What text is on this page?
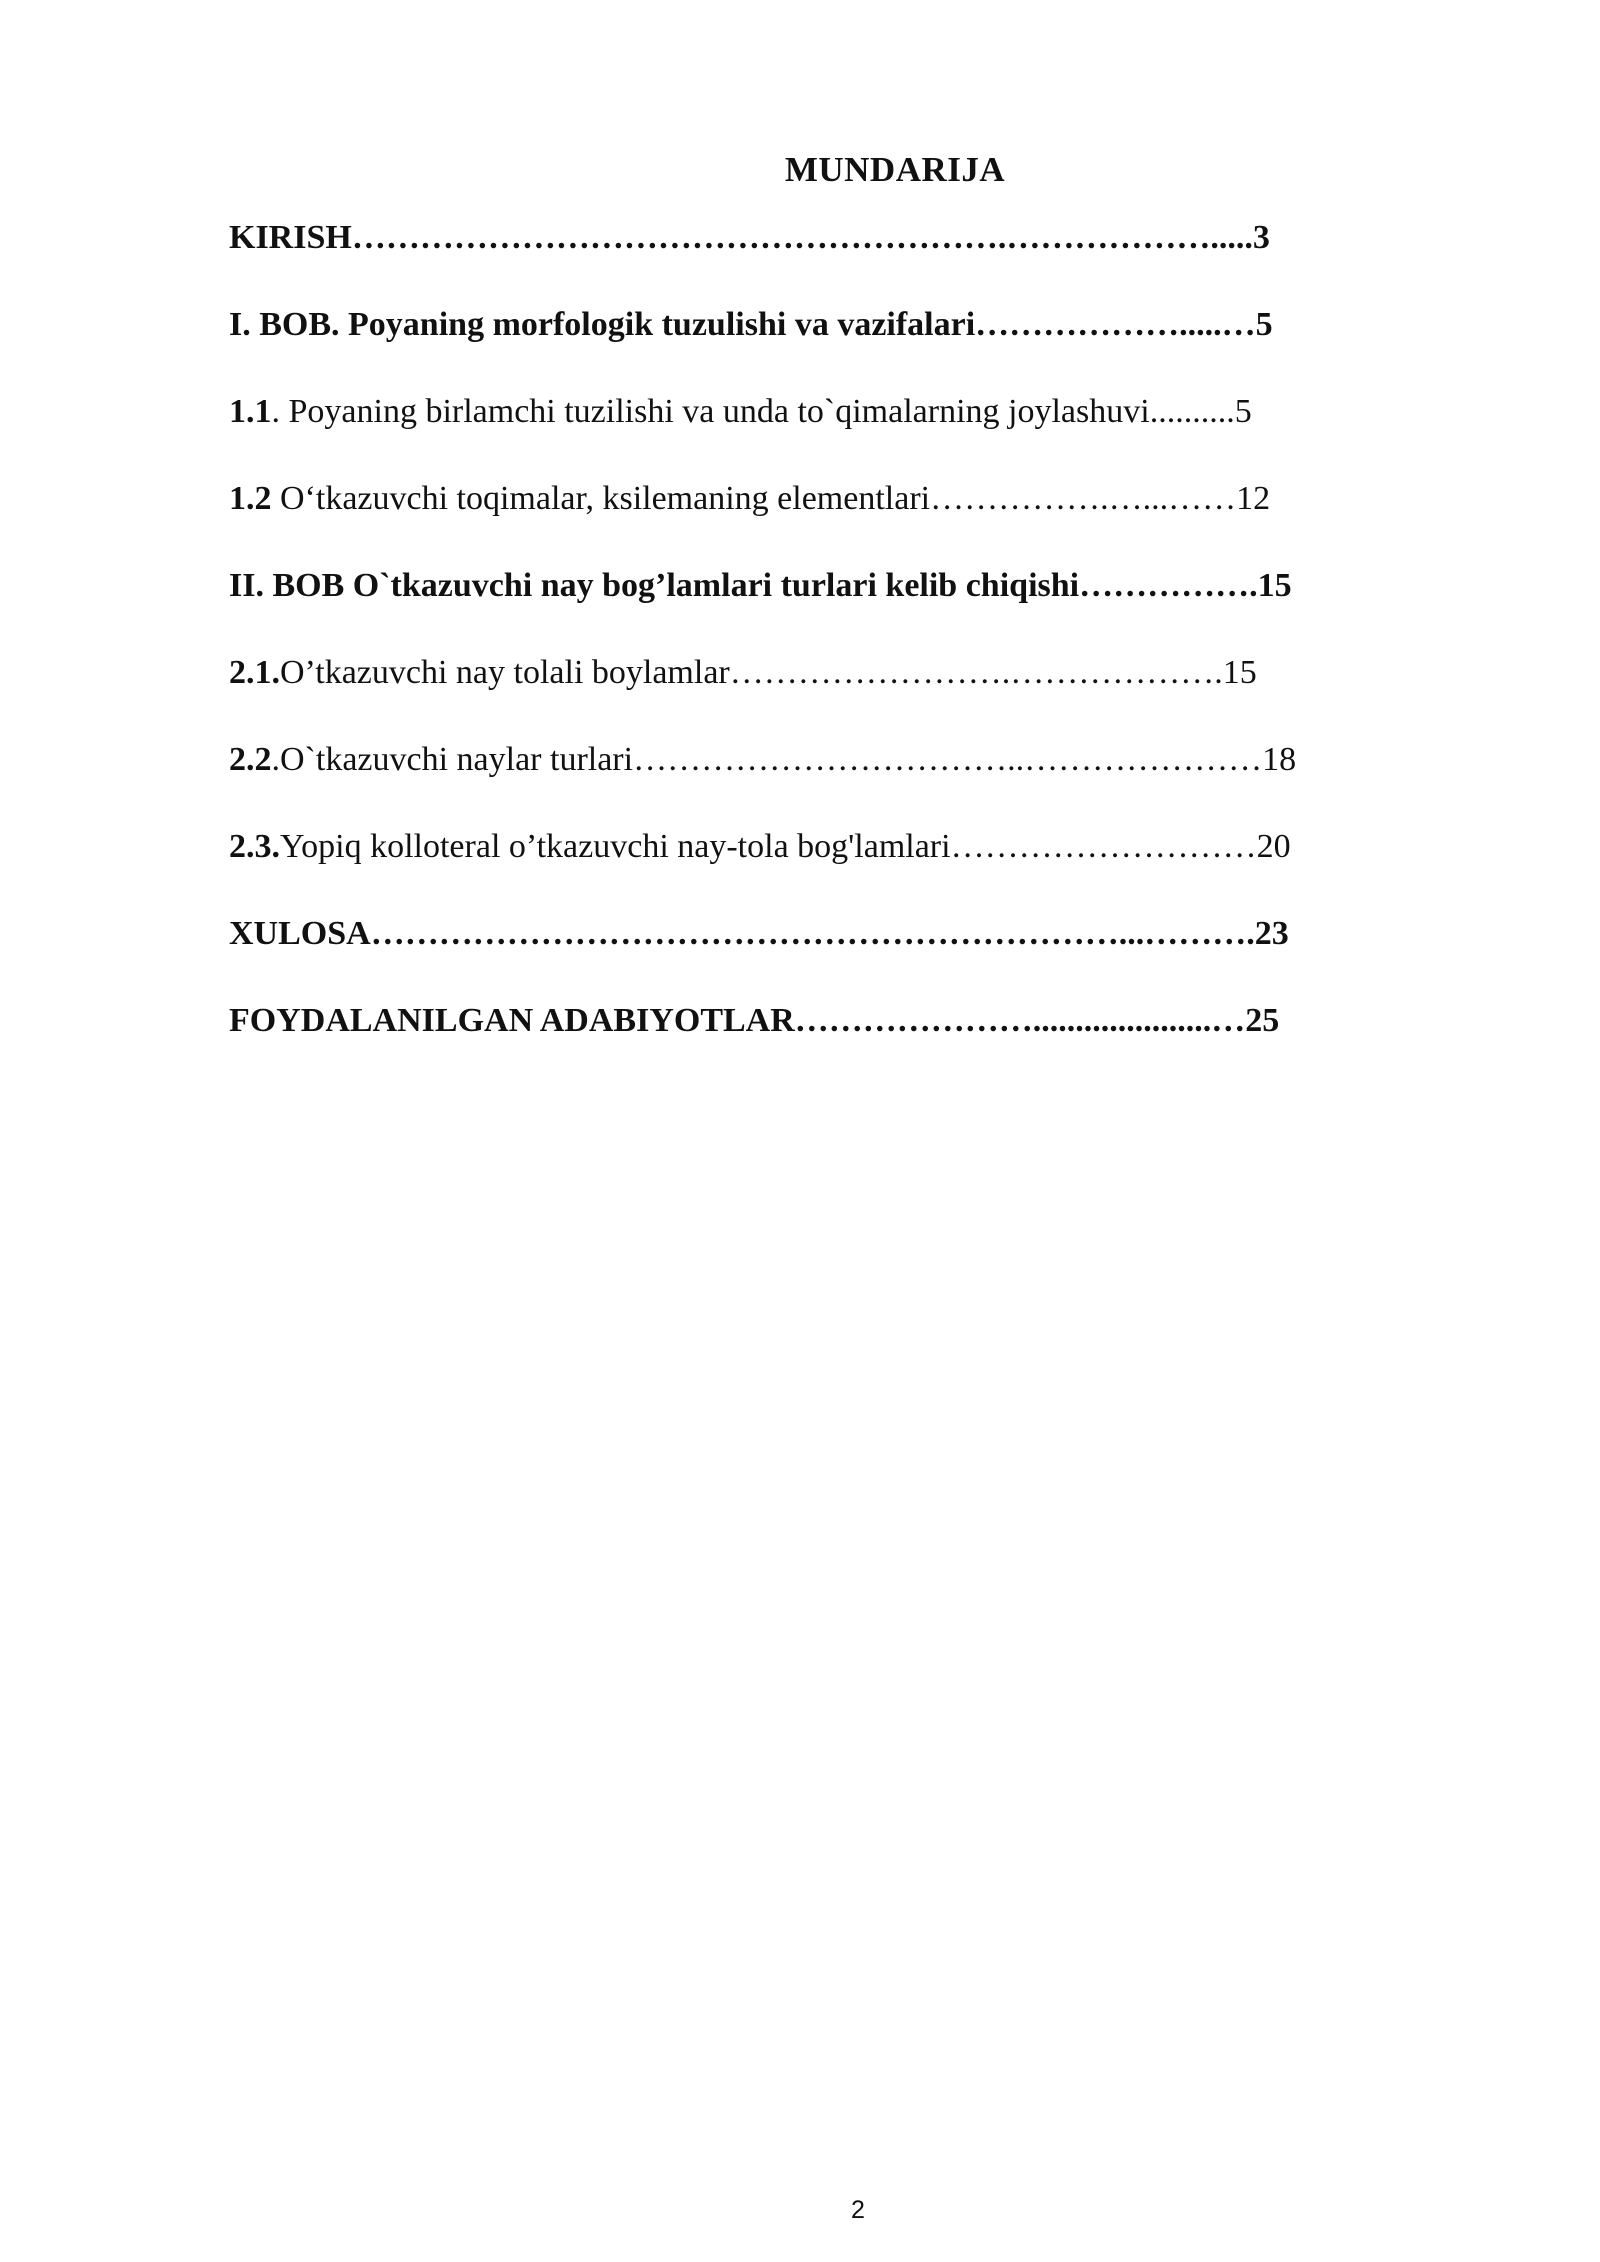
MUNDARIJA
KIRISH………………………………………………….……………….....3
I. BOB. Poyaning morfologik tuzulishi va vazifalari……………….....…5
1.1. Poyaning birlamchi tuzilishi va unda to`qimalarning joylashuvi..........5
1.2 O‘tkazuvchi toqimalar, ksilemaning elementlari…………….…...……12
II. BOB O`tkazuvchi nay bog’lamlari turlari kelib chiqishi…………….15
2.1.O’tkazuvchi nay tolali boylamlar…………………….……………….15
2.2.O`tkazuvchi naylar turlari……………………………..…………………18
2.3.Yopiq kolloteral o’tkazuvchi nay-tola bog'lamlari………………………20
XULOSA…………………………………………………………...……….23
FOYDALANILGAN ADABIYOTLAR………………….....................…25
2
